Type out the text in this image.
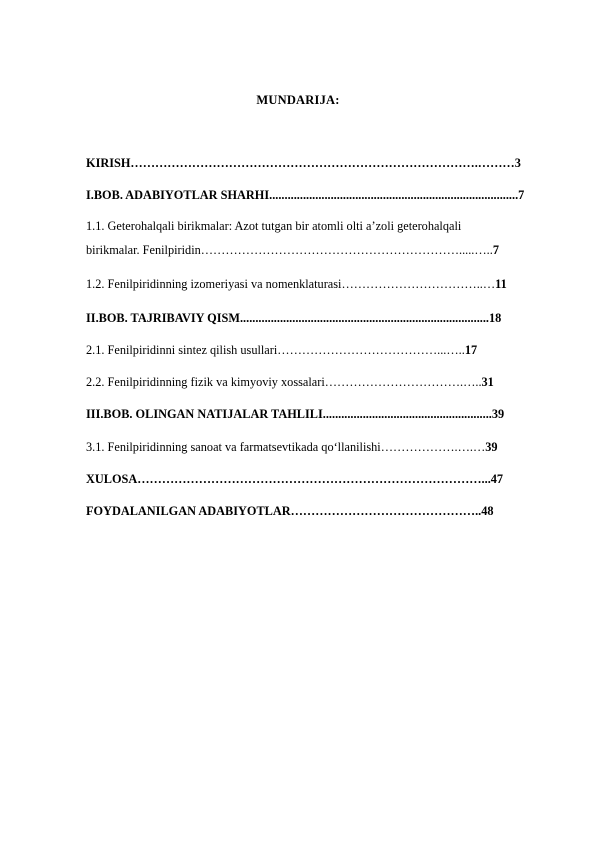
MUNDARIJA:
KIRISH………………………………………………………………………….………3
I.BOB. ADABIYOTLAR SHARHI.................................................................................7
1.1. Geterohalqali birikmalar: Azot tutgan bir atomli olti a’zoli geterohalqali
birikmalar. Fenilpiridin……………………………………………………….....…..7
1.2. Fenilpiridinning izomeriyasi va nomenklaturasi……………………………..…11
II.BOB. TAJRIBAVIY QISM.................................................................................18
2.1. Fenilpiridinni sintez qilish usullari…………………………………...…..17
2.2. Fenilpiridinning fizik va kimyoviy xossalari…………………………….…..31
III.BOB. OLINGAN NATIJALAR TAHLILI.......................................................39
3.1. Fenilpiridinning sanoat va farmatsevtikada qo‘llanilishi……………….….…39
XULOSA…………………………………………………………………………...47
FOYDALANILGAN ADABIYOTLAR………………………………………..48
